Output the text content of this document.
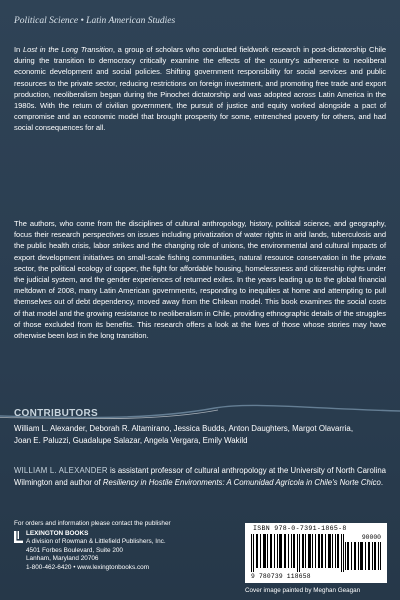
Political Science • Latin American Studies
In Lost in the Long Transition, a group of scholars who conducted fieldwork research in post-dictatorship Chile during the transition to democracy critically examine the effects of the country's adherence to neoliberal economic development and social policies. Shifting government responsibility for social services and public resources to the private sector, reducing restrictions on foreign investment, and promoting free trade and export production, neoliberalism began during the Pinochet dictatorship and was adopted across Latin America in the 1980s. With the return of civilian government, the pursuit of justice and equity worked alongside a pact of compromise and an economic model that brought prosperity for some, entrenched poverty for others, and had social consequences for all.
The authors, who come from the disciplines of cultural anthropology, history, political science, and geography, focus their research perspectives on issues including privatization of water rights in arid lands, tuberculosis and the public health crisis, labor strikes and the changing role of unions, the environmental and cultural impacts of export development initiatives on small-scale fishing communities, natural resource conservation in the private sector, the political ecology of copper, the fight for affordable housing, homelessness and citizenship rights under the judicial system, and the gender experiences of returned exiles. In the years leading up to the global financial meltdown of 2008, many Latin American governments, responding to inequities at home and attempting to pull themselves out of debt dependency, moved away from the Chilean model. This book examines the social costs of that model and the growing resistance to neoliberalism in Chile, providing ethnographic details of the struggles of those excluded from its benefits. This research offers a look at the lives of those whose stories may have otherwise been lost in the long transition.
CONTRIBUTORS
William L. Alexander, Deborah R. Altamirano, Jessica Budds, Anton Daughters, Margot Olavarria,
Joan E. Paluzzi, Guadalupe Salazar, Angela Vergara, Emily Wakild
WILLIAM L. ALEXANDER is assistant professor of cultural anthropology at the University of North Carolina Wilmington and author of Resiliency in Hostile Environments: A Comunidad Agrícola in Chile's Norte Chico.
For orders and information please contact the publisher
LEXINGTON BOOKS
A division of Rowman & Littlefield Publishers, Inc.
4501 Forbes Boulevard, Suite 200
Lanham, Maryland 20706
1-800-462-6420 • www.lexingtonbooks.com
ISBN 978-0-7391-1865-8
90000
9 780739 118658
Cover image painted by Meghan Geagan
